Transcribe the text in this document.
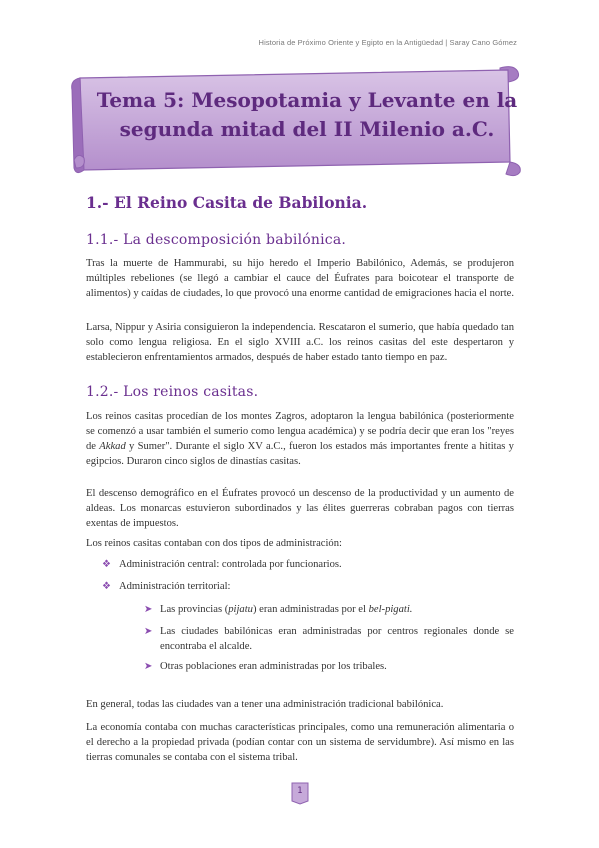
Historia de Próximo Oriente y Egipto en la Antigüedad | Saray Cano Gómez
Tema 5: Mesopotamia y Levante en la
segunda mitad del II Milenio a.C.
1.- El Reino Casita de Babilonia.
1.1.- La descomposición babilónica.

Tras la muerte de Hammurabi, su hijo heredo el Imperio Babilónico, Además, se produjeron múltiples rebeliones (se llegó a cambiar el cauce del Éufrates para boicotear el transporte de alimentos) y caídas de ciudades, lo que provocó una enorme cantidad de emigraciones hacia el norte.

Larsa, Nippur y Asiria consiguieron la independencia. Rescataron el sumerio, que había quedado tan solo como lengua religiosa. En el siglo XVIII a.C. los reinos casitas del este despertaron y establecieron enfrentamientos armados, después de haber estado tanto tiempo en paz.

1.2.- Los reinos casitas.

Los reinos casitas procedían de los montes Zagros, adoptaron la lengua babilónica (posteriormente se comenzó a usar también el sumerio como lengua académica) y se podría decir que eran los "reyes de Akkad y Sumer". Durante el siglo XV a.C., fueron los estados más importantes frente a hititas y egipcios. Duraron cinco siglos de dinastías casitas.

El descenso demográfico en el Éufrates provocó un descenso de la productividad y un aumento de aldeas. Los monarcas estuvieron subordinados y las élites guerreras cobraban pagos con tierras exentas de impuestos.

Los reinos casitas contaban con dos tipos de administración:

❖ Administración central: controlada por funcionarios.
❖ Administración territorial:
➤ Las provincias (pijatu) eran administradas por el bel-pigati.
➤ Las ciudades babilónicas eran administradas por centros regionales donde se encontraba el alcalde.
➤ Otras poblaciones eran administradas por los tribales.

En general, todas las ciudades van a tener una administración tradicional babilónica.

La economía contaba con muchas características principales, como una remuneración alimentaria o el derecho a la propiedad privada (podían contar con un sistema de servidumbre). Así mismo en las tierras comunales se contaba con el sistema tribal.

1
